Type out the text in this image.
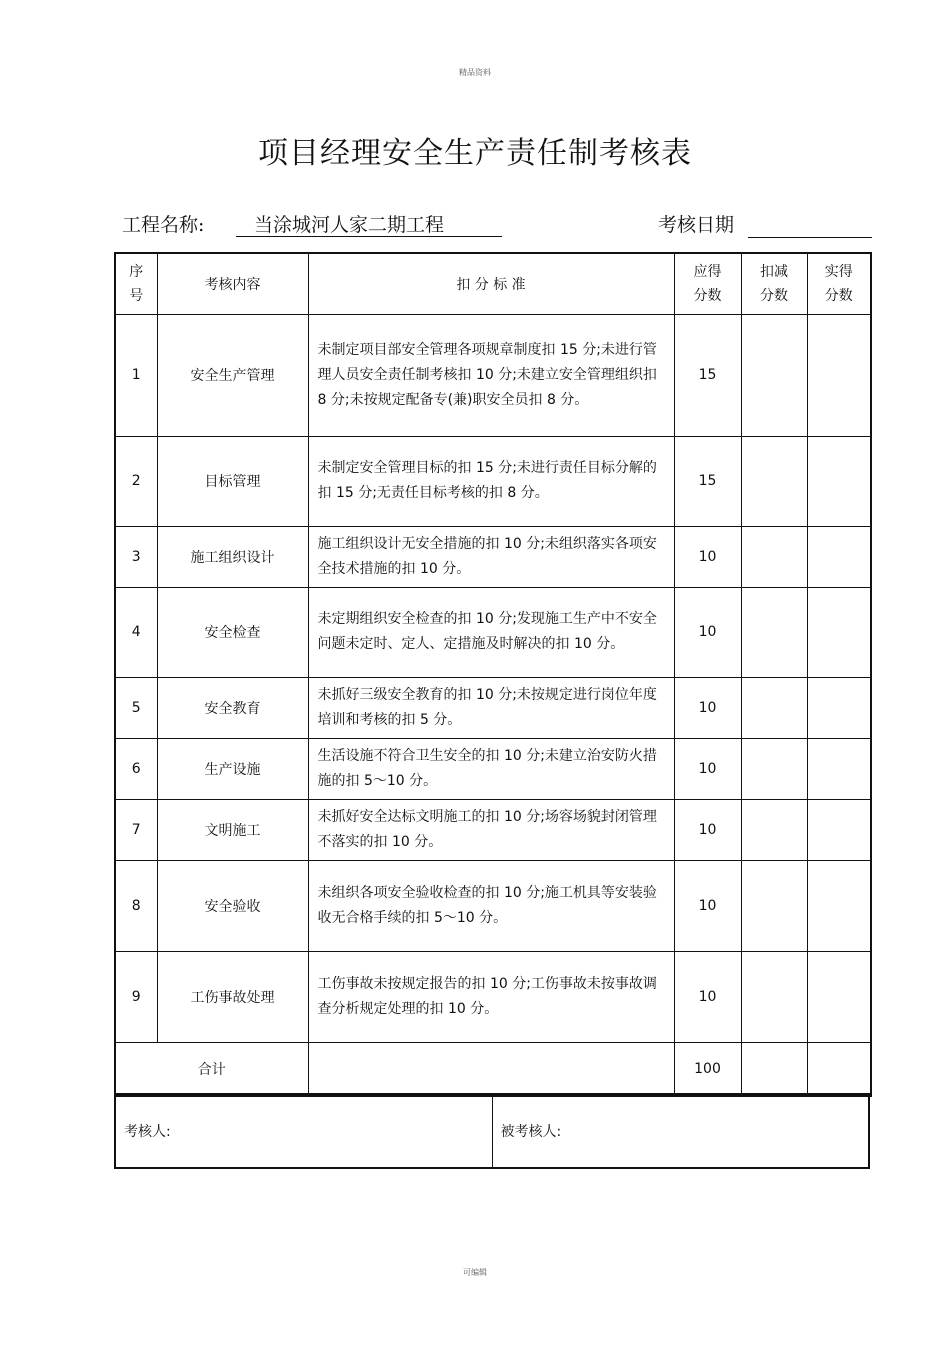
精品资料
项目经理安全生产责任制考核表
工程名称:	当涂城河人家二期工程	考核日期
序号	考核内容	扣 分 标 准	应得分数	扣减分数	实得分数
1	安全生产管理	未制定项目部安全管理各项规章制度扣 15 分;未进行管理人员安全责任制考核扣 10 分;未建立安全管理组织扣 8 分;未按规定配备专(兼)职安全员扣 8 分。	15		
2	目标管理	未制定安全管理目标的扣 15 分;未进行责任目标分解的扣 15 分;无责任目标考核的扣 8 分。	15		
3	施工组织设计	施工组织设计无安全措施的扣 10 分;未组织落实各项安全技术措施的扣 10 分。	10		
4	安全检查	未定期组织安全检查的扣 10 分;发现施工生产中不安全问题未定时、定人、定措施及时解决的扣 10 分。	10		
5	安全教育	未抓好三级安全教育的扣 10 分;未按规定进行岗位年度培训和考核的扣 5 分。	10		
6	生产设施	生活设施不符合卫生安全的扣 10 分;未建立治安防火措施的扣 5～10 分。	10		
7	文明施工	未抓好安全达标文明施工的扣 10 分;场容场貌封闭管理不落实的扣 10 分。	10		
8	安全验收	未组织各项安全验收检查的扣 10 分;施工机具等安装验收无合格手续的扣 5～10 分。	10		
9	工伤事故处理	工伤事故未按规定报告的扣 10 分;工伤事故未按事故调查分析规定处理的扣 10 分。	10		
合计			100		
考核人:	被考核人:
可编辑
